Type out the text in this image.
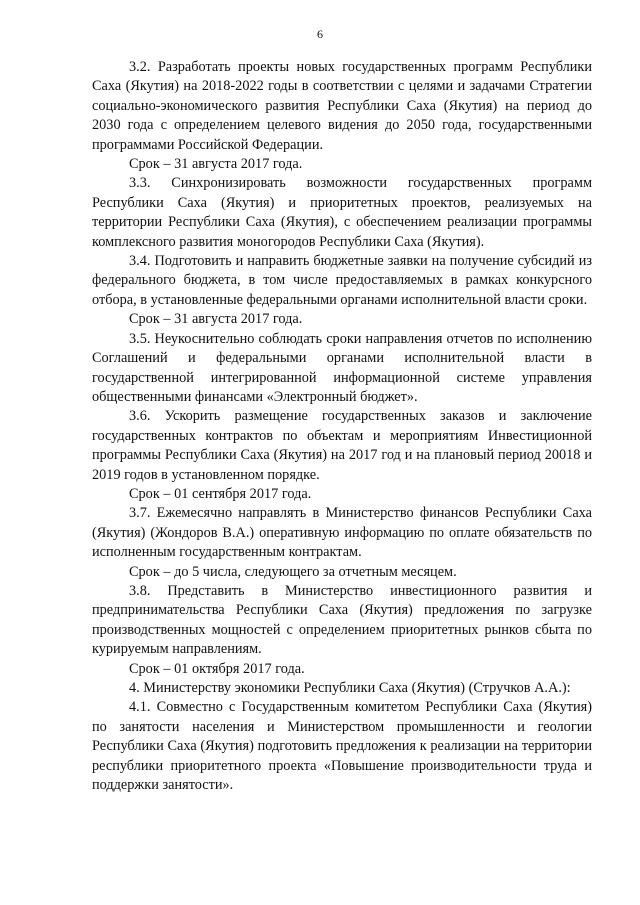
6

3.2. Разработать проекты новых государственных программ Республики Саха (Якутия) на 2018-2022 годы в соответствии с целями и задачами Стратегии социально-экономического развития Республики Саха (Якутия) на период до 2030 года с определением целевого видения до 2050 года, государственными программами Российской Федерации.

Срок – 31 августа 2017 года.

3.3. Синхронизировать возможности государственных программ Республики Саха (Якутия) и приоритетных проектов, реализуемых на территории Республики Саха (Якутия), с обеспечением реализации программы комплексного развития моногородов Республики Саха (Якутия).

3.4. Подготовить и направить бюджетные заявки на получение субсидий из федерального бюджета, в том числе предоставляемых в рамках конкурсного отбора, в установленные федеральными органами исполнительной власти сроки.

Срок – 31 августа 2017 года.

3.5. Неукоснительно соблюдать сроки направления отчетов по исполнению Соглашений и федеральными органами исполнительной власти в государственной интегрированной информационной системе управления общественными финансами «Электронный бюджет».

3.6. Ускорить размещение государственных заказов и заключение государственных контрактов по объектам и мероприятиям Инвестиционной программы Республики Саха (Якутия) на 2017 год и на плановый период 20018 и 2019 годов в установленном порядке.

Срок – 01 сентября 2017 года.

3.7. Ежемесячно направлять в Министерство финансов Республики Саха (Якутия) (Жондоров В.А.) оперативную информацию по оплате обязательств по исполненным государственным контрактам.

Срок – до 5 числа, следующего за отчетным месяцем.

3.8. Представить в Министерство инвестиционного развития и предпринимательства Республики Саха (Якутия) предложения по загрузке производственных мощностей с определением приоритетных рынков сбыта по курируемым направлениям.

Срок – 01 октября 2017 года.

4. Министерству экономики Республики Саха (Якутия) (Стручков А.А.):

4.1. Совместно с Государственным комитетом Республики Саха (Якутия) по занятости населения и Министерством промышленности и геологии Республики Саха (Якутия) подготовить предложения к реализации на территории республики приоритетного проекта «Повышение производительности труда и поддержки занятости».
